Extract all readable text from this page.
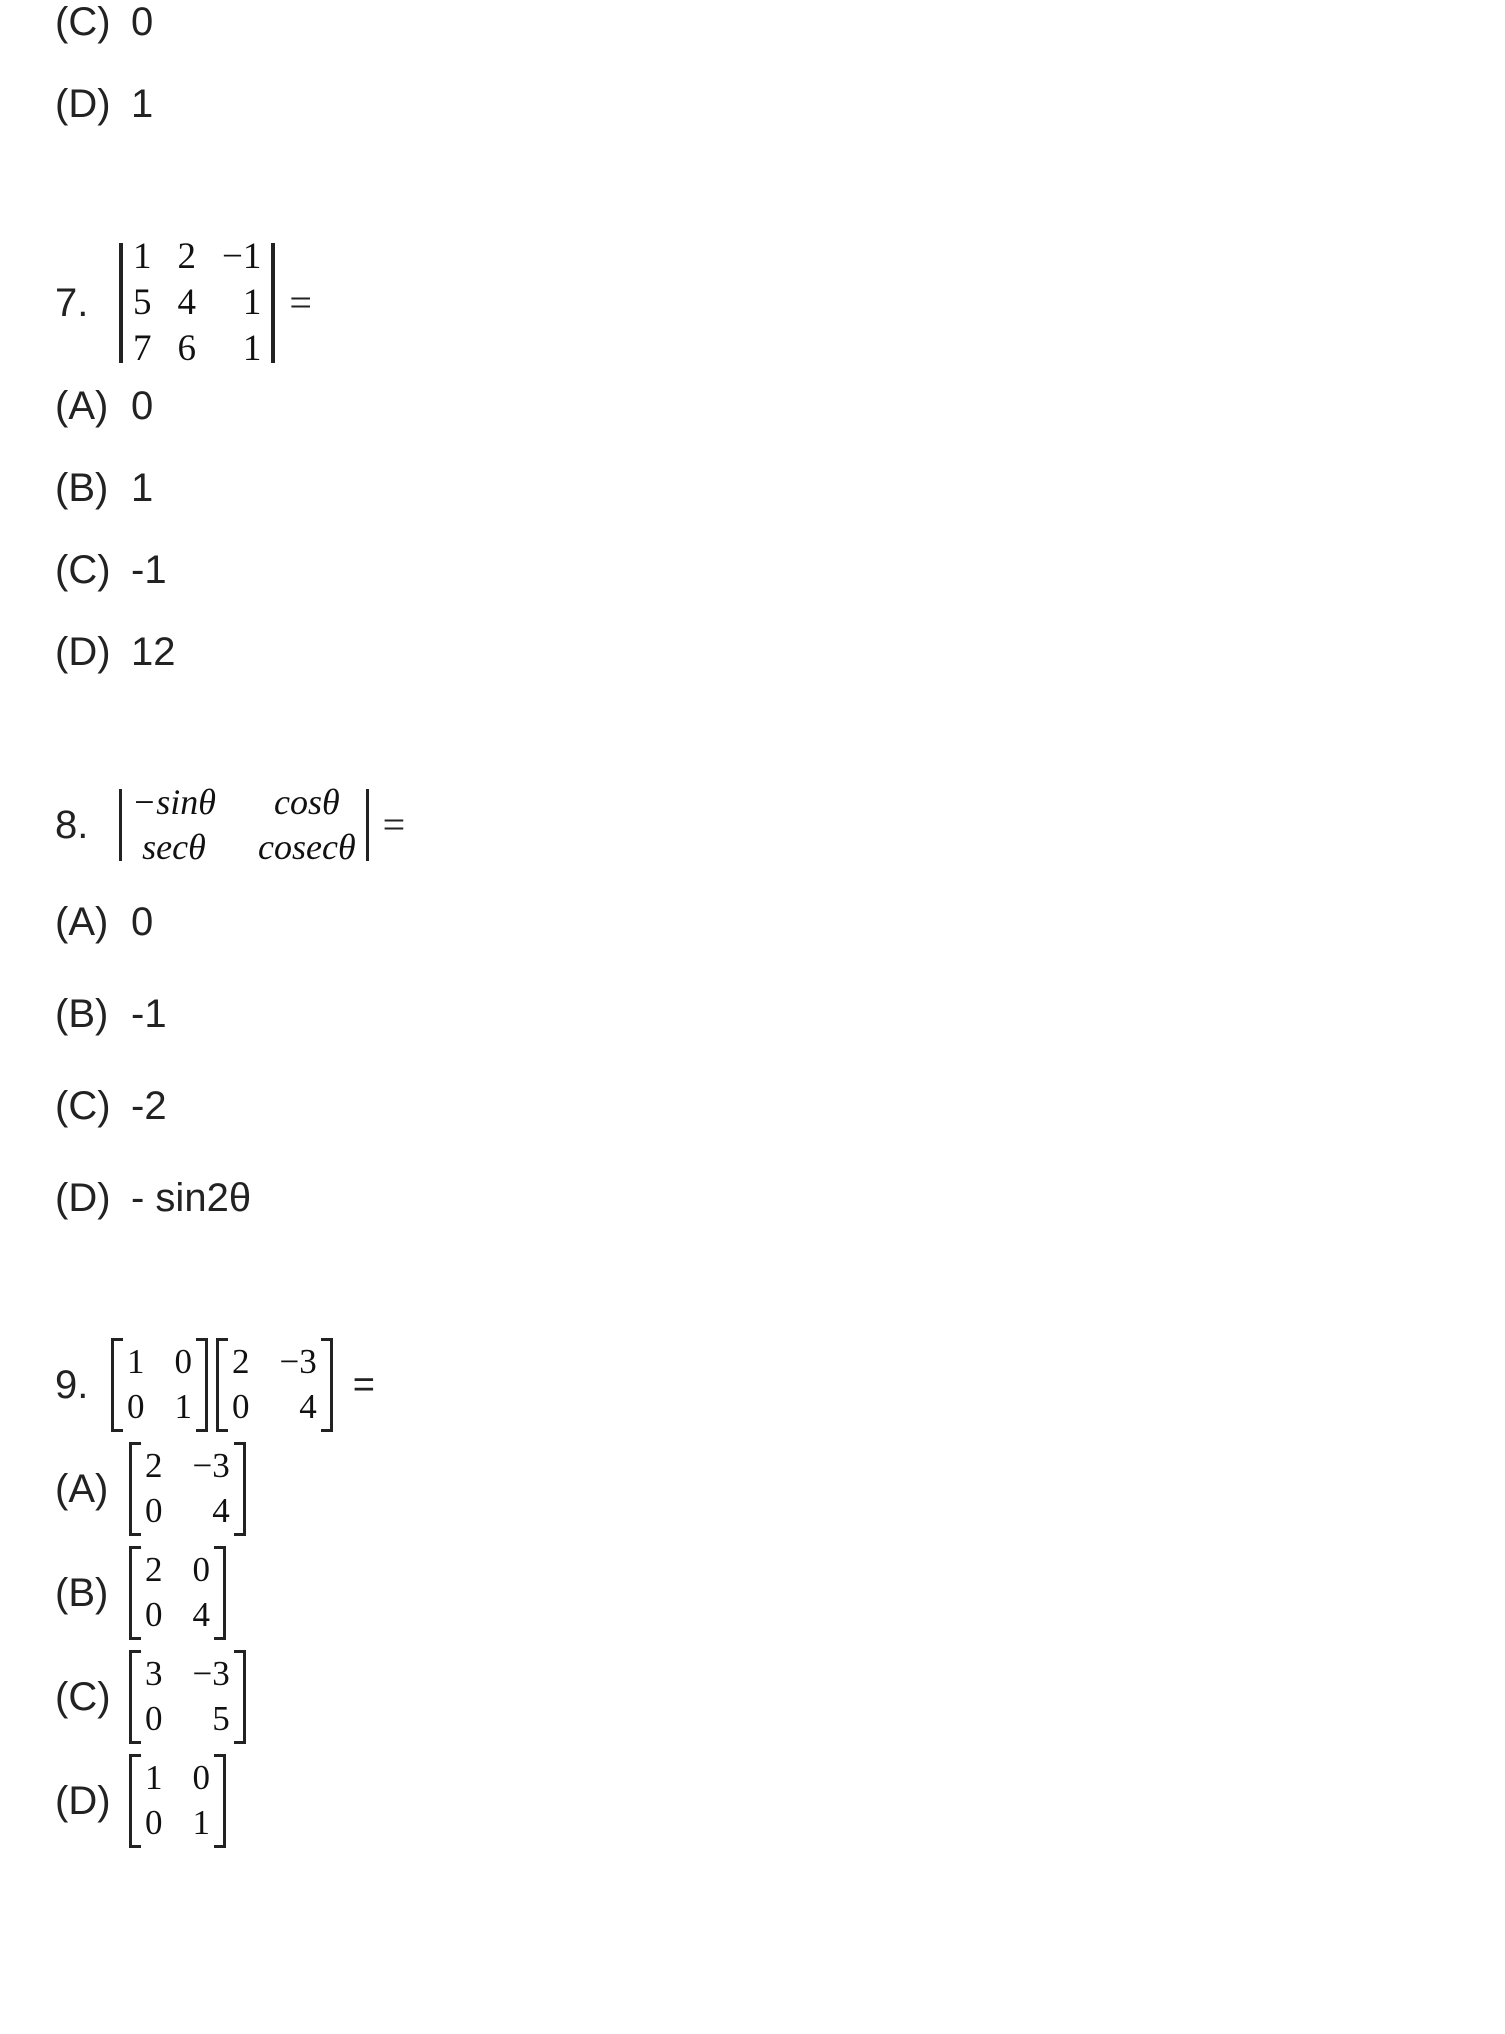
(C) 0
(D) 1
7.
1 2 −1
5 4	1
7 6	1
=
(A) 0
(B) 1
(C) -1
(D) 12
8.
−sinθ	cosθ
secθ cosecθ =
(A) 0
(B) -1
(C) -2
(D) - sin2θ
9.
1 0
0 1
2 −3
0	4
=
(A)
2 −3
0	4
(B)
2 0
0 4
(C)
3 −3
0	5
(D)
1 0
0 1
